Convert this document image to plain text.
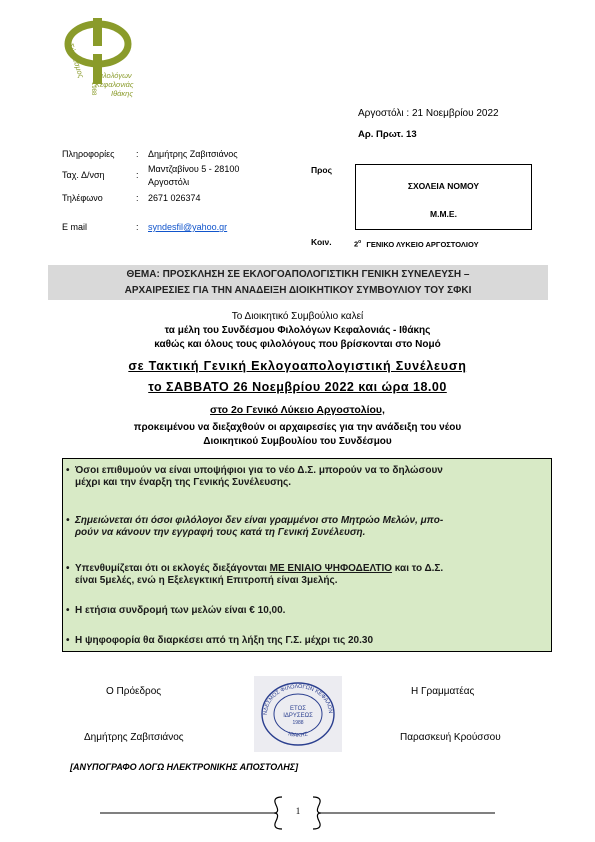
Σύνδεσμος
1988
Φιλολόγων
Κεφαλονιάς
Ιθάκης
Αργοστόλι : 21 Νοεμβρίου 2022
Αρ. Πρωτ. 13
Πληροφορίες : Δημήτρης Ζαβιτσιάνος
Ταχ. Δ/νση	:
Μαντζαβίνου 5 - 28100
Αργοστόλι
Τηλέφωνο	: 2671 026374
E mail	: syndesfil@yahoo.gr
Προς
ΣΧΟΛΕΙΑ ΝΟΜΟΥ
Μ.Μ.Ε.
Κοιν.	$2^o$ ΓΕΝΙΚΟ ΛΥΚΕΙΟ ΑΡΓΟΣΤΟΛΙΟΥ
ΘΕΜΑ: ΠΡΟΣΚΛΗΣΗ ΣΕ ΕΚΛΟΓΟΑΠΟΛΟΓΙΣΤΙΚΗ ΓΕΝΙΚΗ ΣΥΝΕΛΕΥΣΗ –
ΑΡΧΑΙΡΕΣΙΕΣ ΓΙΑ ΤΗΝ ΑΝΑΔΕΙΞΗ ΔΙΟΙΚΗΤΙΚΟΥ ΣΥΜΒΟΥΛΙΟΥ ΤΟΥ ΣΦΚΙ
Το Διοικητικό Συμβούλιο καλεί
τα μέλη του Συνδέσμου Φιλολόγων Κεφαλονιάς - Ιθάκης
καθώς και όλους τους φιλολόγους που βρίσκονται στο Νομό
σε Τακτική Γενική Εκλογοαπολογιστική Συνέλευση
το ΣΑΒΒΑΤΟ 26 Νοεμβρίου 2022 και ώρα 18.00
στο 2ο Γενικό Λύκειο Αργοστολίου,
προκειμένου να διεξαχθούν οι αρχαιρεσίες για την ανάδειξη του νέου
Διοικητικού Συμβουλίου του Συνδέσμου
• Όσοι επιθυμούν να είναι υποψήφιοι για το νέο Δ.Σ. μπορούν να το δηλώσουν
μέχρι και την έναρξη της Γενικής Συνέλευσης.
• Σημειώνεται ότι όσοι φιλόλογοι δεν είναι γραμμένοι στο Μητρώο Μελών, μπο-
ρούν να κάνουν την εγγραφή τους κατά τη Γενική Συνέλευση.
• Υπενθυμίζεται ότι οι εκλογές διεξάγονται ΜΕ ΕΝΙΑΙΟ ΨΗΦΟΔΕΛΤΙΟ και το Δ.Σ.
είναι 5μελές, ενώ η Εξελεγκτική Επιτροπή είναι 3μελής.
• Η ετήσια συνδρομή των μελών είναι € 10,00.
• Η ψηφοφορία θα διαρκέσει από τη λήξη της Γ.Σ. μέχρι τις 20.30
Ο Πρόεδρος	Η Γραμματέας
Δημήτρης Ζαβιτσιάνος	Παρασκευή Κρούσσου
ΝΔΕΣΜΟΣ ΦΙΛΟΛΟΓΩΝ ΚΕΦΑΛΟΝ
ΙΘΑΚΗΣ
ΕΤΟΣ
ΙΔΡΥΣΕΩΣ
1988
[ΑΝΥΠΟΓΡΑΦΟ ΛΟΓΩ ΗΛΕΚΤΡΟΝΙΚΗΣ ΑΠΟΣΤΟΛΗΣ]
1
